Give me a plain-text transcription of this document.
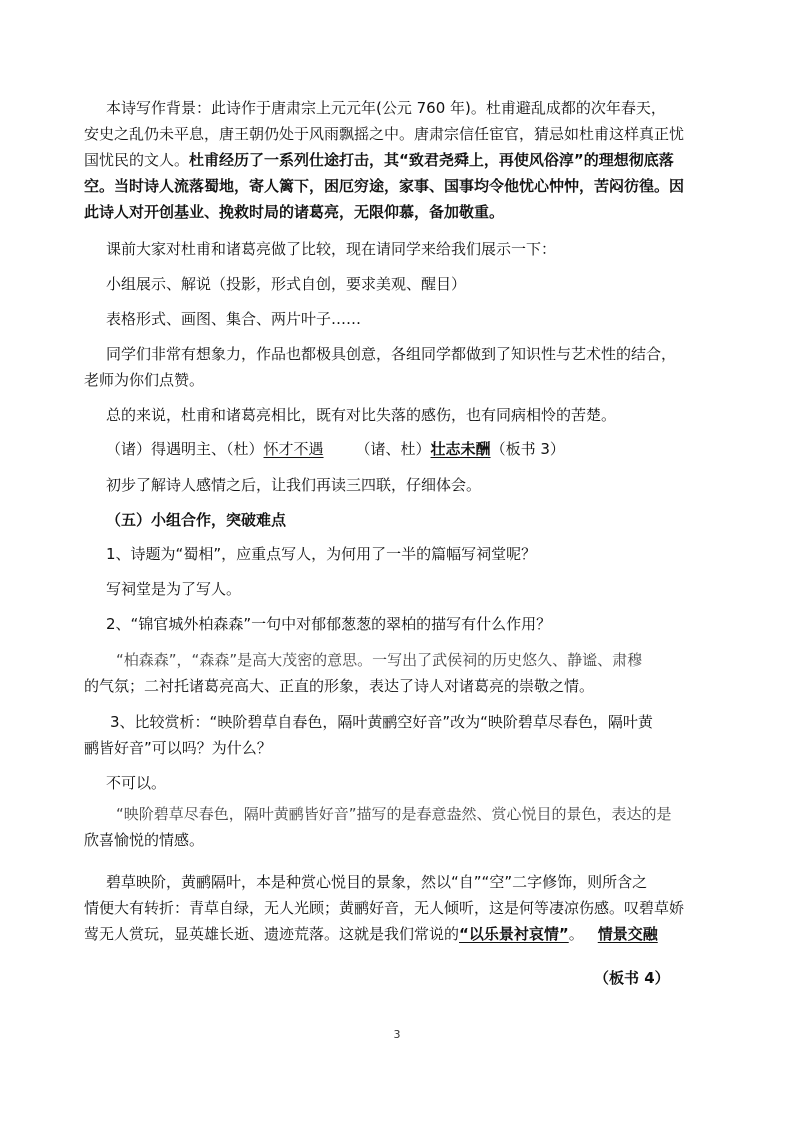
本诗写作背景：此诗作于唐肃宗上元元年(公元 760 年)。杜甫避乱成都的次年春天，

安史之乱仍未平息，唐王朝仍处于风雨飘摇之中。唐肃宗信任宦官，猜忌如杜甫这样真正忧

国忧民的文人。杜甫经历了一系列仕途打击，其“致君尧舜上，再使风俗淳”的理想彻底落

空。当时诗人流落蜀地，寄人篱下，困厄穷途，家事、国事均令他忧心忡忡，苦闷彷徨。因

此诗人对开创基业、挽救时局的诸葛亮，无限仰慕，备加敬重。

课前大家对杜甫和诸葛亮做了比较，现在请同学来给我们展示一下：

小组展示、解说（投影，形式自创，要求美观、醒目）

表格形式、画图、集合、两片叶子……

同学们非常有想象力，作品也都极具创意，各组同学都做到了知识性与艺术性的结合，

老师为你们点赞。

总的来说，杜甫和诸葛亮相比，既有对比失落的感伤，也有同病相怜的苦楚。

（诸）得遇明主、（杜）怀才不遇 （诸、杜）壮志未酬（板书 3）

初步了解诗人感情之后，让我们再读三四联，仔细体会。

（五）小组合作，突破难点

1、诗题为“蜀相”，应重点写人，为何用了一半的篇幅写祠堂呢？

写祠堂是为了写人。

2、“锦官城外柏森森”一句中对郁郁葱葱的翠柏的描写有什么作用？

“柏森森”，“森森”是高大茂密的意思。一写出了武侯祠的历史悠久、静谧、肃穆

的气氛；二衬托诸葛亮高大、正直的形象，表达了诗人对诸葛亮的崇敬之情。

3、比较赏析：“映阶碧草自春色，隔叶黄鹂空好音”改为“映阶碧草尽春色，隔叶黄

鹂皆好音”可以吗？为什么？

不可以。

“映阶碧草尽春色，隔叶黄鹂皆好音”描写的是春意盎然、赏心悦目的景色，表达的是

欣喜愉悦的情感。

碧草映阶，黄鹂隔叶，本是种赏心悦目的景象，然以“自”“空”二字修饰，则所含之

情便大有转折：青草自绿，无人光顾；黄鹂好音，无人倾听，这是何等凄凉伤感。叹碧草娇

莺无人赏玩，显英雄长逝、遗迹荒落。这就是我们常说的“以乐景衬哀情”。 情景交融

（板书 4）

3
